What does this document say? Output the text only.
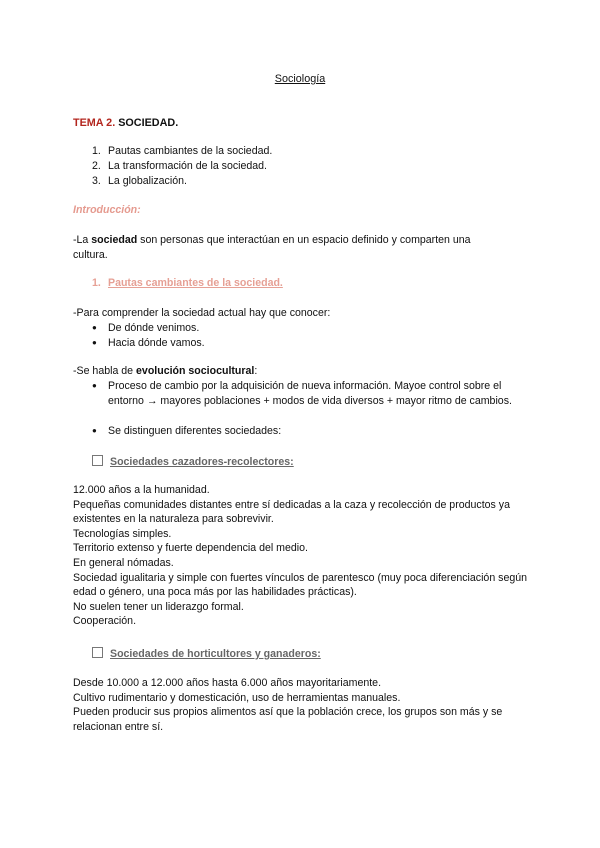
Sociología
TEMA 2. SOCIEDAD.
1. Pautas cambiantes de la sociedad.
2. La transformación de la sociedad.
3. La globalización.
Introducción:
-La sociedad son personas que interactúan en un espacio definido y comparten una
cultura.
1. Pautas cambiantes de la sociedad.
-Para comprender la sociedad actual hay que conocer:
● De dónde venimos.
● Hacia dónde vamos.
-Se habla de evolución sociocultural:
●	Proceso de cambio por la adquisición de nueva información. Mayoe control sobre el entorno → mayores poblaciones + modos de vida diversos + mayor ritmo de cambios.
● Se distinguen diferentes sociedades:
Sociedades cazadores-recolectores:
12.000 años a la humanidad.
Pequeñas comunidades distantes entre sí dedicadas a la caza y recolección de productos ya existentes en la naturaleza para sobrevivir.
Tecnologías simples.
Territorio extenso y fuerte dependencia del medio.
En general nómadas.
Sociedad igualitaria y simple con fuertes vínculos de parentesco (muy poca diferenciación según edad o género, una poca más por las habilidades prácticas).
No suelen tener un liderazgo formal.
Cooperación.
Sociedades de horticultores y ganaderos:
Desde 10.000 a 12.000 años hasta 6.000 años mayoritariamente.
Cultivo rudimentario y domesticación, uso de herramientas manuales.
Pueden producir sus propios alimentos así que la población crece, los grupos son más y se relacionan entre sí.
